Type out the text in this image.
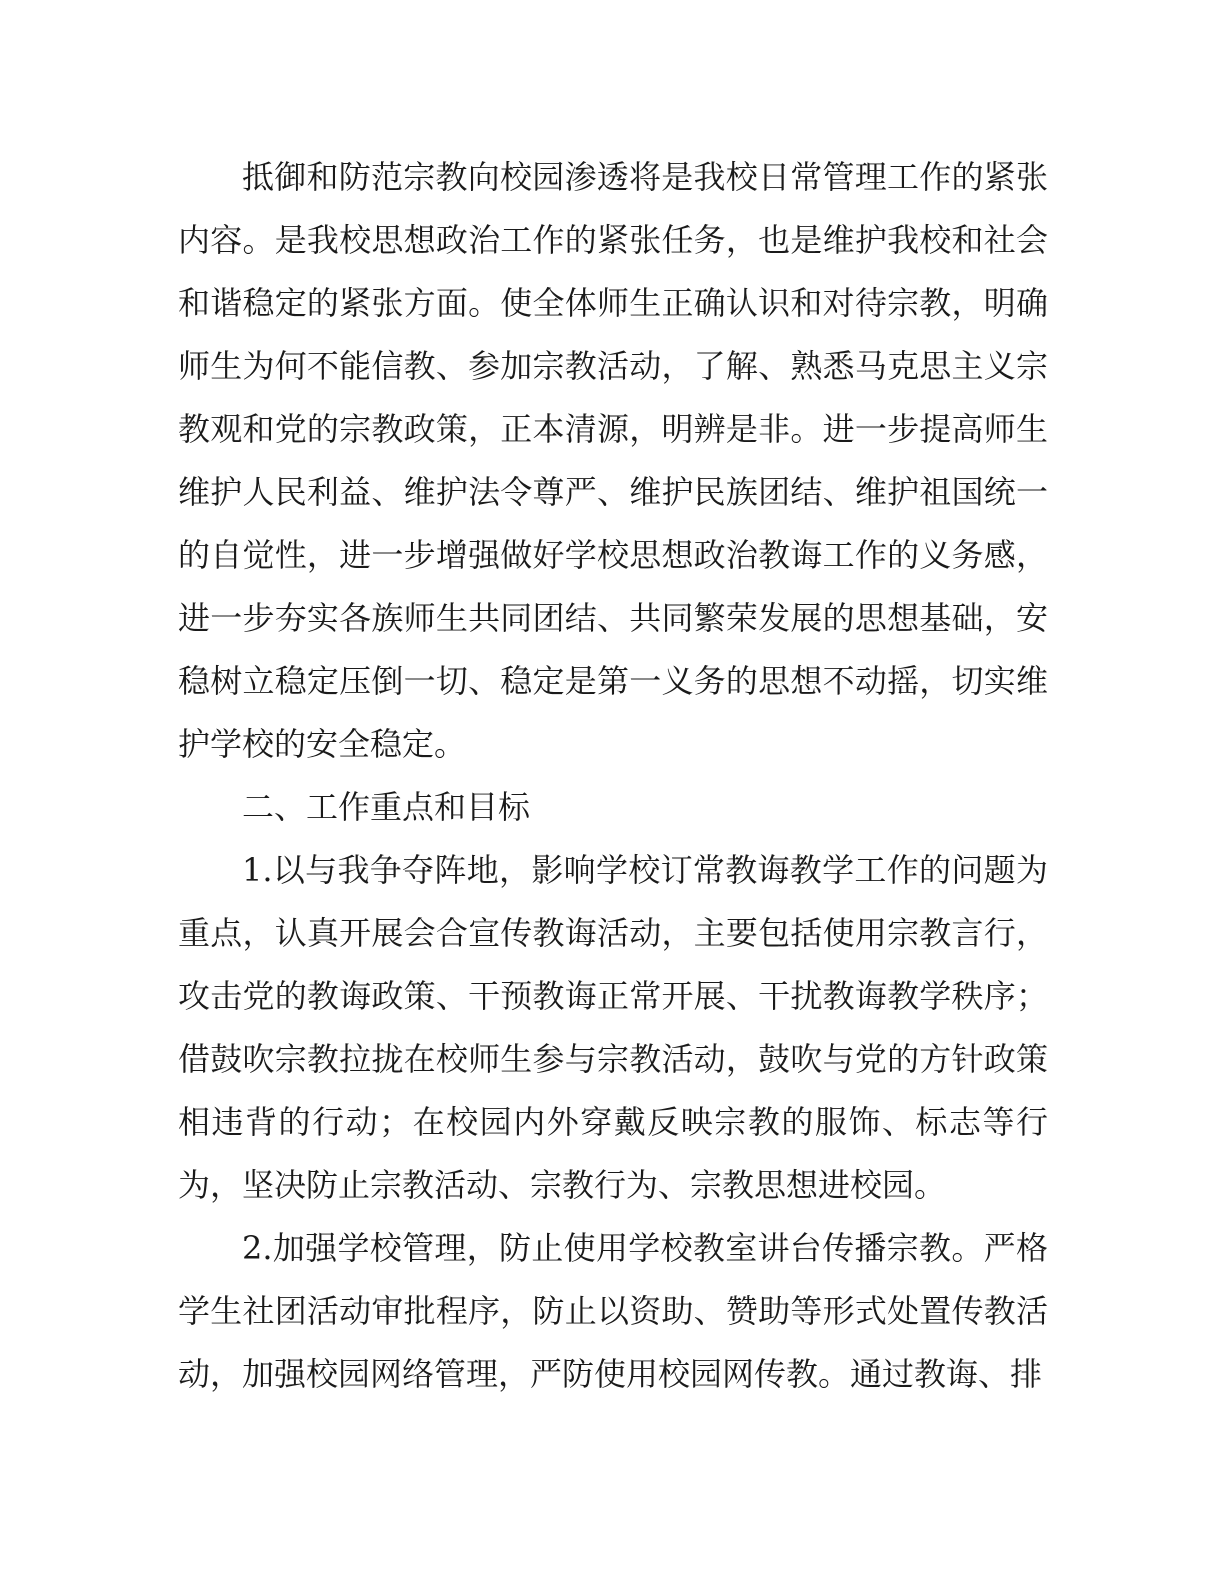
抵御和防范宗教向校园渗透将是我校日常管理工作的紧张内容。是我校思想政治工作的紧张任务，也是维护我校和社会和谐稳定的紧张方面。使全体师生正确认识和对待宗教，明确师生为何不能信教、参加宗教活动，了解、熟悉马克思主义宗教观和党的宗教政策，正本清源，明辨是非。进一步提高师生维护人民利益、维护法令尊严、维护民族团结、维护祖国统一的自觉性，进一步增强做好学校思想政治教诲工作的义务感，进一步夯实各族师生共同团结、共同繁荣发展的思想基础，安稳树立稳定压倒一切、稳定是第一义务的思想不动摇，切实维护学校的安全稳定。

二、工作重点和目标

1.以与我争夺阵地，影响学校订常教诲教学工作的问题为重点，认真开展会合宣传教诲活动，主要包括使用宗教言行，攻击党的教诲政策、干预教诲正常开展、干扰教诲教学秩序；借鼓吹宗教拉拢在校师生参与宗教活动，鼓吹与党的方针政策相违背的行动；在校园内外穿戴反映宗教的服饰、标志等行为，坚决防止宗教活动、宗教行为、宗教思想进校园。

2.加强学校管理，防止使用学校教室讲台传播宗教。严格学生社团活动审批程序，防止以资助、赞助等形式处置传教活动，加强校园网络管理，严防使用校园网传教。通过教诲、排
